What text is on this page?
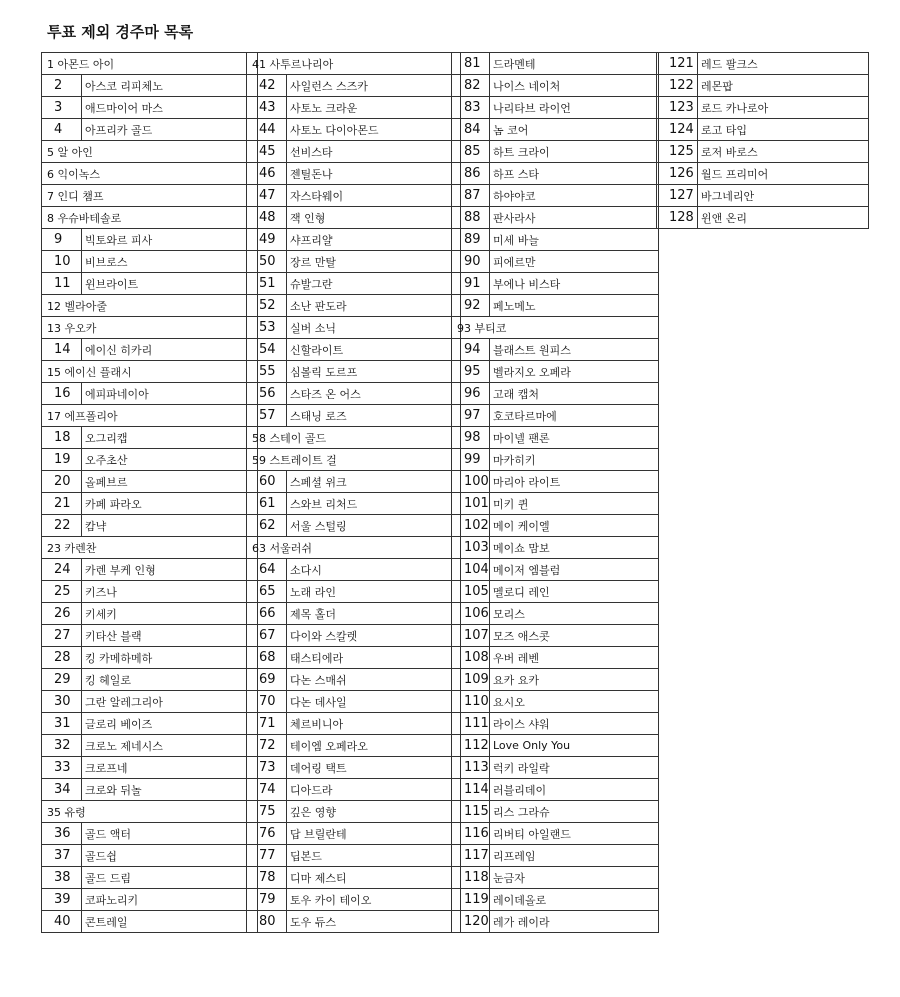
투표 제외 경주마 목록
1 아몬드 아이	
2	아스코 리피체노
3	애드마이어 마스
4	아프리카 골드
5 알 아인	
6 익이녹스	
7 인디 챔프	
8 우슈바테솔로	
9	빅토와르 피사
10	비브로스
11	윈브라이트
12 벨라아줄	
13 우오카	
14	에이신 히카리
15 에이신 플래시	
16	에피파네이아
17 에프폴리아	
18	오그리캡
19	오주초산
20	올페브르
21	카페 파라오
22	캄냑
23 카렌찬	
24	카렌 부케 인형
25	키즈나
26	키세키
27	키타산 블랙
28	킹 카메하메하
29	킹 헤일로
30	그란 알레그리아
31	글로리 베이즈
32	크로노 제네시스
33	크로프네
34	크로와 뒤놀
35 유령	
36	골드 액터
37	골드쉽
38	골드 드림
39	코파노리키
40	콘트레일
41 사투르나리아	
42	사일런스 스즈카
43	사토노 크라운
44	사토노 다이아몬드
45	선비스타
46	젠틸돈나
47	자스타웨이
48	잭 인형
49	샤프리얄
50	장르 만탈
51	슈발그란
52	소난 판도라
53	실버 소닉
54	신할라이트
55	심볼릭 도르프
56	스타즈 온 어스
57	스태닝 로즈
58 스테이 골드	
59 스트레이트 걸	
60	스페셜 위크
61	스와브 리처드
62	서울 스털링
63 서울러쉬	
64	소다시
65	노래 라인
66	제목 홀더
67	다이와 스칼렛
68	태스티에라
69	다논 스매쉬
70	다논 데사일
71	체르비니아
72	테이엠 오페라오
73	데어링 택트
74	디아드라
75	깊은 영향
76	답 브릴란테
77	딥본드
78	디마 제스티
79	토우 카이 테이오
80	도우 듀스
81	드라멘테
82	나이스 네이처
83	나리타브 라이언
84	놈 코어
85	하트 크라이
86	하프 스타
87	하야야코
88	판사라사
89	미세 바늘
90	피에르만
91	부에나 비스타
92	페노메노
93 부티코	
94	블래스트 원피스
95	벨라지오 오페라
96	고래 캡처
97	호코타르마에
98	마이넬 팬론
99	마카히키
100	마리아 라이트
101	미키 퀸
102	메이 케이엘
103	메이쇼 맘보
104	메이저 엠블럼
105	멜로디 레인
106	모리스
107	모즈 애스콧
108	우버 레벤
109	요카 요카
110	요시오
111	라이스 샤워
112	Love Only You
113	럭키 라일락
114	러블리데이
115	리스 그라슈
116	리버티 아일랜드
117	리프레임
118	눈금자
119	레이데올로
120	레가 레이라
121	레드 팔크스
122	레몬팝
123	로드 카나로아
124	로고 타입
125	로저 바로스
126	월드 프리미어
127	바그네리안
128	윈앤 온리
